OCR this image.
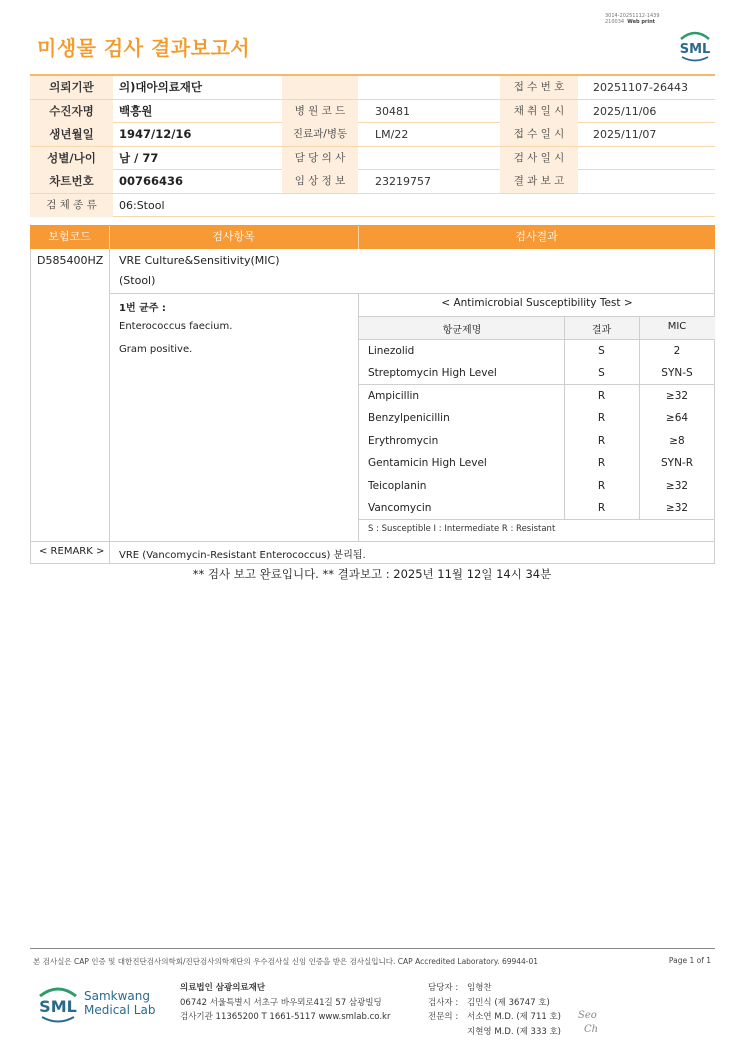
3014-20251112-1439
210034 Web print
미생물 검사 결과보고서	SML
의뢰기관	의)대아의료재단	접 수 번 호	20251107-26443
수진자명	백흥원	병 원 코 드	30481	채 취 일 시	2025/11/06
생년월일	1947/12/16	진료과/병동	LM/22	접 수 일 시	2025/11/07
성별/나이	남 / 77	담 당 의 사	검 사 일 시
차트번호	00766436	임 상 정 보	23219757	결 과 보 고
검 체 종 류	06:Stool
보험코드	검사항목	검사결과
D585400HZ VRE Culture&Sensitivity(MIC)
(Stool)
1번 균주 :
Enterococcus faecium.
Gram positive.
< Antimicrobial Susceptibility Test >
항균제명	결과	MIC
Linezolid	S	2
Streptomycin High Level	S	SYN-S
Ampicillin	R	≥32
Benzylpenicillin	R	≥64
Erythromycin	R	≥8
Gentamicin High Level	R	SYN-R
Teicoplanin	R	≥32
Vancomycin	R	≥32
S : Susceptible I : Intermediate R : Resistant
< REMARK > VRE (Vancomycin-Resistant Enterococcus) 분리됨.
** 검사 보고 완료입니다. ** 결과보고 : 2025년 11월 12일 14시 34분
본 검사실은 CAP 인증 및 대한진단검사의학회/진단검사의학재단의 우수검사실 신임 인증을 받은 검사실입니다. CAP Accredited Laboratory. 69944-01	Page 1 of 1
SML
Samkwang
Medical Lab
의료법인 삼광의료재단
06742 서울특별시 서초구 바우뫼로41길 57 삼광빌딩
검사기관 11365200 T 1661-5117 www.smlab.co.kr
담당자 : 임형찬
검사자 : 김민식 (제 36747 호)
전문의 : 서소연 M.D. (제 711 호)
지현영 M.D. (제 333 호)
Seo
Ch
